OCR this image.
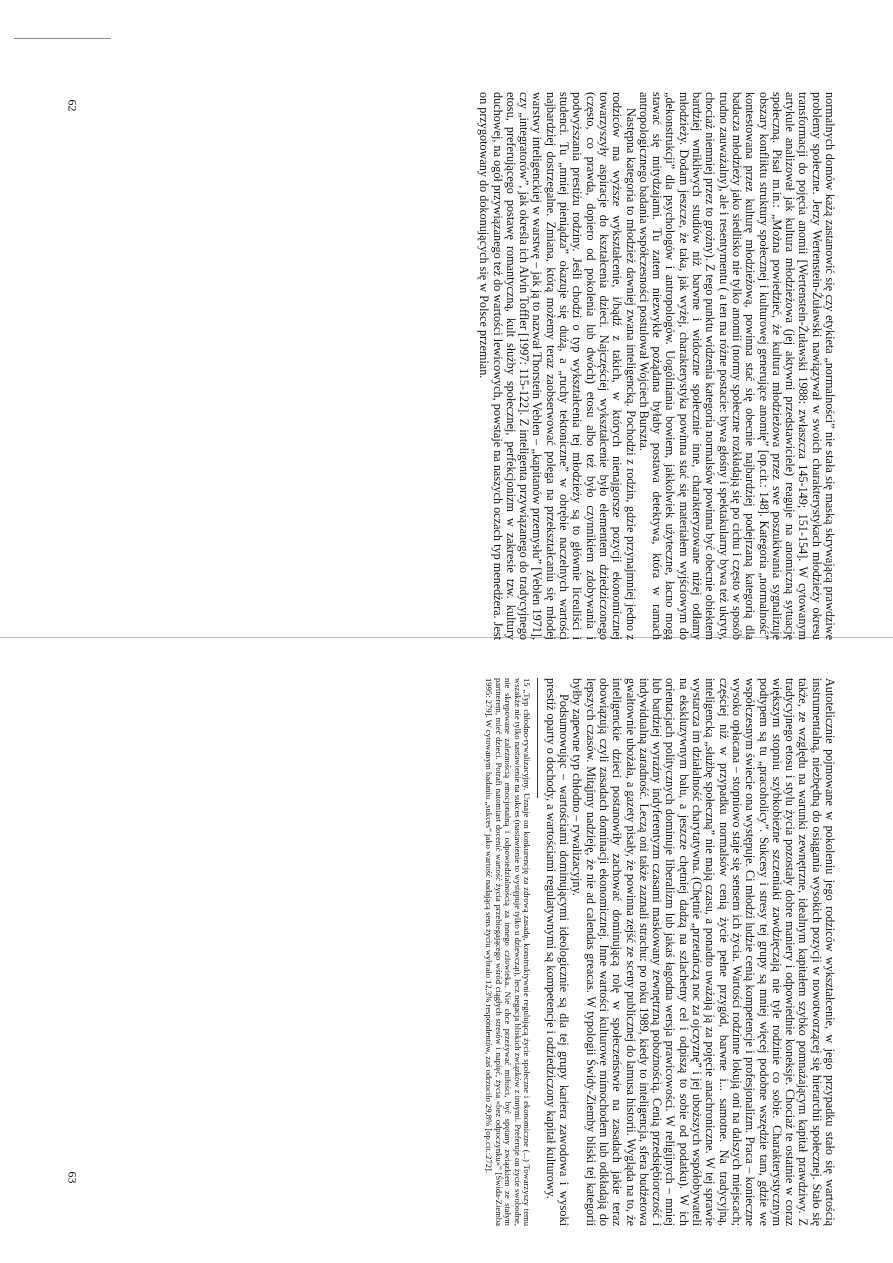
normalnych domów każą zastanowić się czy etykieta „normalności” nie stała się maską skrywającą prawdziwe problemy społeczne. Jerzy Wertenstein-Żuławski nawiązywał w swoich charakterystykach młodzieży okresu transformacji do pojęcia anomii [Wertenstein-Żuławski 1988: zwłaszcza 145-149; 151-154]. W cytowanym artykule analizował jak kultura młodzieżowa (jej aktywni przedstawiciele) reaguje na anomiczną sytuację społeczną. Pisał m.in.: „Można powiedzieć, że kultura młodzieżowa przez swe poszukiwania sygnalizuje obszary konfliktu struktury społecznej i kulturowej generujące anomię” [op.cit.: 148]. Kategoria „normalność” kontestowana przez kulturę młodzieżową, powinna stać się obecnie najbardziej podejrzaną kategorią dla badacza młodzieży jako siedlisko nie tylko anomii (normy społeczne rozkładają się po cichu i często w sposób trudno zauważalny), ale i resentymentu ( a ten ma różne postacie: bywa głośny i spektakularny bywa też ukryty, chociaż niemniej przez to groźny). Z tego punktu widzenia kategoria normalsów powinna być obecnie obiektem bardziej wnikliwych studiów niż barwne i widoczne społecznie inne, charakteryzowane niżej odłamy młodzieży. Dodam jeszcze, że taka, jak wyżej, charakterystyka powinna stać się materiałem wyjściowym do „dekonstrukcji” dla psychologów i antropologów. Uogólniania bowiem, jakkolwiek użyteczne, łacno mogą stawać się mitydzajami. Tu zatem niezwykle pożądana byłaby postawa detektywa, która w ramach antropologicznego badania współczesności postulował Wojciech Burszta.

Następna kategoria to młodzież dawniej zwana inteligencką. Pochodzi z rodzin, gdzie przynajmniej jedno z rodziców ma wyższe wykształcenie, i/bądź z takich, w których nienajgorsze pozycji ekonomicznej towarzyszyły aspiracje do kształcenia dzieci. Najczęściej wykształcenie było elementem dziedziczonego (często, co prawda, dopiero od pokolenia lub dwóch) etosu albo też było czynnikiem zdobywania i podwyższania prestiżu rodziny. Jeśli chodzi o typ wykształcenia tej młodzieży są to głównie licealiści i studenci. Tu „mniej pieniądza” okazuje się dużą, a „ruchy tektoniczne” w obrębie naczelnych wartości najbardziej dostrzegalne. Zmiana, którą możemy teraz zaobserwować polega na przekształcaniu się młodej warstwy inteligenckiej w warstwę – jak ją to nazwał Thorstein Veblen – „kapitanów przemysłu” [Veblen 1971], czy „integratorów”, jak określa ich Alvin Toffler [1997: 115-122]. Z inteligenta przywiązanego do tradycyjnego etosu, preferującego postawę romantyczną, kult służby społecznej, perfekcjonizm w zakresie tzw. kultury duchowej, na ogół przywiązanego też do wartości lewicowych, powstaje na naszych oczach typ menedżera. Jest on przygotowany do dokonujących się w Polsce przemian.

62

Autotelicznie pojmowane w pokoleniu jego rodziców wykształcenie, w jego przypadku stało się wartością instrumentalną, niezbędną do osiągania wysokich pozycji w nowotworzącej się hierarchii społecznej. Stało się także, ze względu na warunki zewnętrzne, idealnym kapitałem szybko pomnażającym kapitał prawdziwy. Z tradycyjnego etosu i stylu życia pozostały dobre maniery i odpowiednie koneksje. Chociaż te ostatnie w coraz większym stopniu szybkobieżne szczeniaki zawdzięczają nie tyle rodzinie co sobie. Charakterystycznym podtypem są tu „pracoholicy”. Sukcesy i stresy tej grupy są mniej więcej podobne wszędzie tam, gdzie we współczesnym świecie ona występuje. Ci młodzi ludzie cenią kompetencje i profesjonalizm. Praca – konieczne wysoko opłacana – stopniowo staje się sensem ich życia. Wartości rodzinne lokują oni na dalszych miejscach; częściej niż w przypadku normalsów cenią życie pełne przygód, barwne i... samotne. Na tradycyjną, inteligencką „służbę społeczną” nie mają czasu, a ponadto uważają ją za pojęcie anachroniczne. W tej sprawie wystarcza im działalność charytatywna. (Chętnie „przetańczą noc za ojczyznę” i jej uboższych współobywateli na ekskluzywnym balu, a jeszcze chętniej dadzą na szlachetny cel i odpiszą to sobie od podatku). W ich orientacjach politycznych dominuje liberalizm lub jakaś łagodna wersja prawicowości. W religijnych – mniej lub bardziej wyraźny indyferentyzm czasami maskowany zewnętrzną pobożnością. Cenią przedsiębiorczość i indywidualną zaradność. Leczą oni także zaznali strachu: po roku 1989, kiedy to inteligencja, sfera budżetowa gwałtownie ubożała, a gazety pisały, że powinna zejść ze sceny publicznej do lamusa historii. Wygląda na to, że inteligenckie dzieci postanowiły zachować dominującą rolę w społeczeństwie na zasadach jakie teraz obowiązują czyli zasadach dominacji ekonomicznej. Inne wartości kulturowe mimochodem lub odkładają do lepszych czasów. Mitąjmy nadzieję, że nie ad calendas greacas. W typologii Świdy-Ziemby bliski tej kategorii byłby zapewne typ chłodno – rywalizacyjny.

Podsumowując – wartościami dominującymi ideologicznie są dla tej grupy kariera zawodowa i wysoki prestiż oparty o dochody, a wartościami regulatywnymi są kompetencje i odziedziczony kapitał kulturowy.

15 „Typ chłodno-rywalizacyjny. Uznaje on konkurencję za zdrową zasadę, konstruktywnie regulującą życie społeczne i ekonomiczne (...) Towarzyszy temu wszakże nie tylko nastawienie na sukces (nastawienie to występuje tylko u dziewcząt), lecz negacja bliskich związków z innymi. Preferuje on życie swobodne, nie skrępowane zależnością emocjonalną i odpowiedzialnością za innego człowieka. Nie chce przeżywać miłości, być spętany związkiem ze stałym partnerem, mieć dzieci. Potrafi natomiast docenić wartość życia przebiegającego wśród ciągłych stresów i napięć, życia «bez odpoczynku»” [Świda-Ziemba 1995: 279]. W cytowanym badaniu „sukces” jako wartość nadającą sens życiu wybrało 12,3% respondentów, zaś odrzuciło 29,8% [op.cit.:272].

63
